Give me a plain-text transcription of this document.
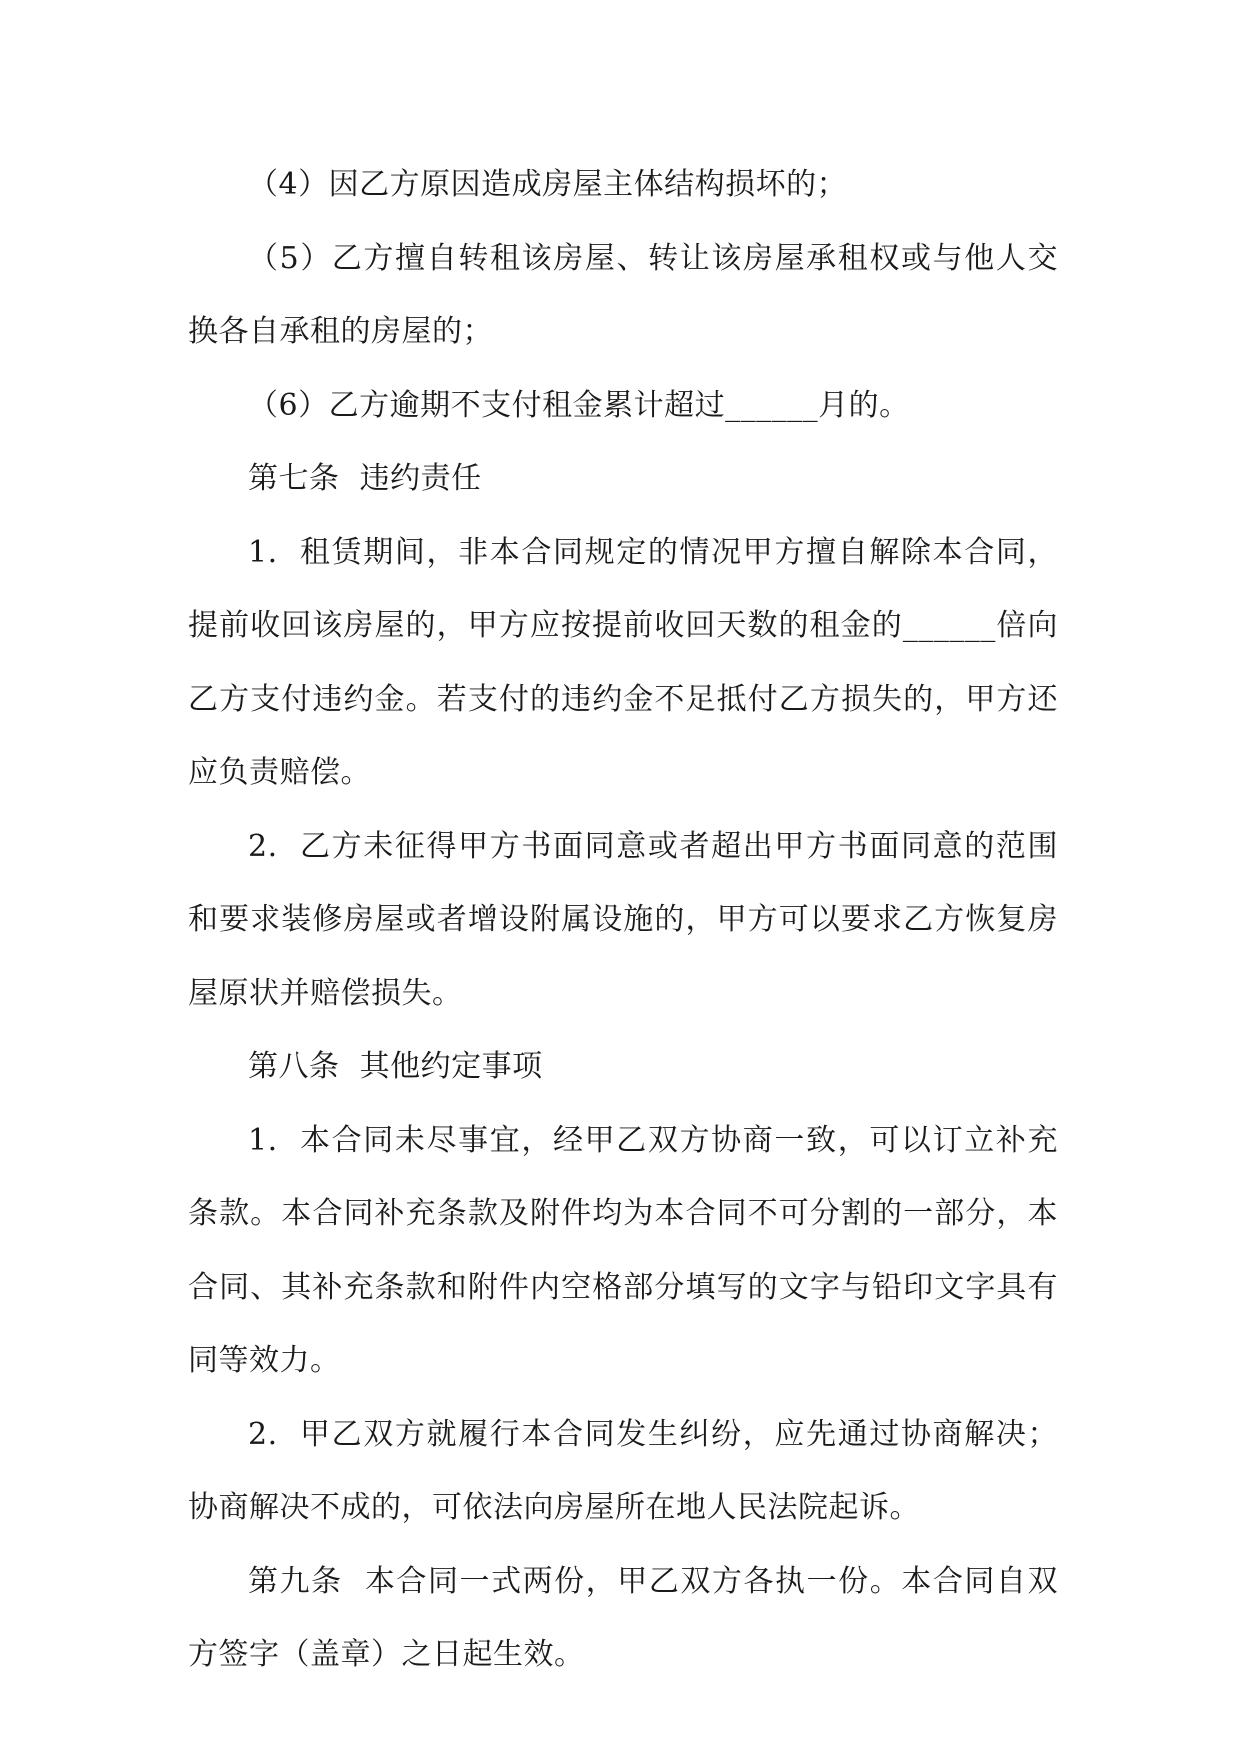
（4）因乙方原因造成房屋主体结构损坏的；

（5）乙方擅自转租该房屋、转让该房屋承租权或与他人交换各自承租的房屋的；

（6）乙方逾期不支付租金累计超过______月的。

第七条  违约责任

1.  租赁期间，非本合同规定的情况甲方擅自解除本合同，提前收回该房屋的，甲方应按提前收回天数的租金的______倍向乙方支付违约金。若支付的违约金不足抵付乙方损失的，甲方还应负责赔偿。

2.  乙方未征得甲方书面同意或者超出甲方书面同意的范围和要求装修房屋或者增设附属设施的，甲方可以要求乙方恢复房屋原状并赔偿损失。

第八条  其他约定事项

1.  本合同未尽事宜，经甲乙双方协商一致，可以订立补充条款。本合同补充条款及附件均为本合同不可分割的一部分，本合同、其补充条款和附件内空格部分填写的文字与铅印文字具有同等效力。

2.  甲乙双方就履行本合同发生纠纷，应先通过协商解决；协商解决不成的，可依法向房屋所在地人民法院起诉。

第九条  本合同一式两份，甲乙双方各执一份。本合同自双方签字（盖章）之日起生效。
